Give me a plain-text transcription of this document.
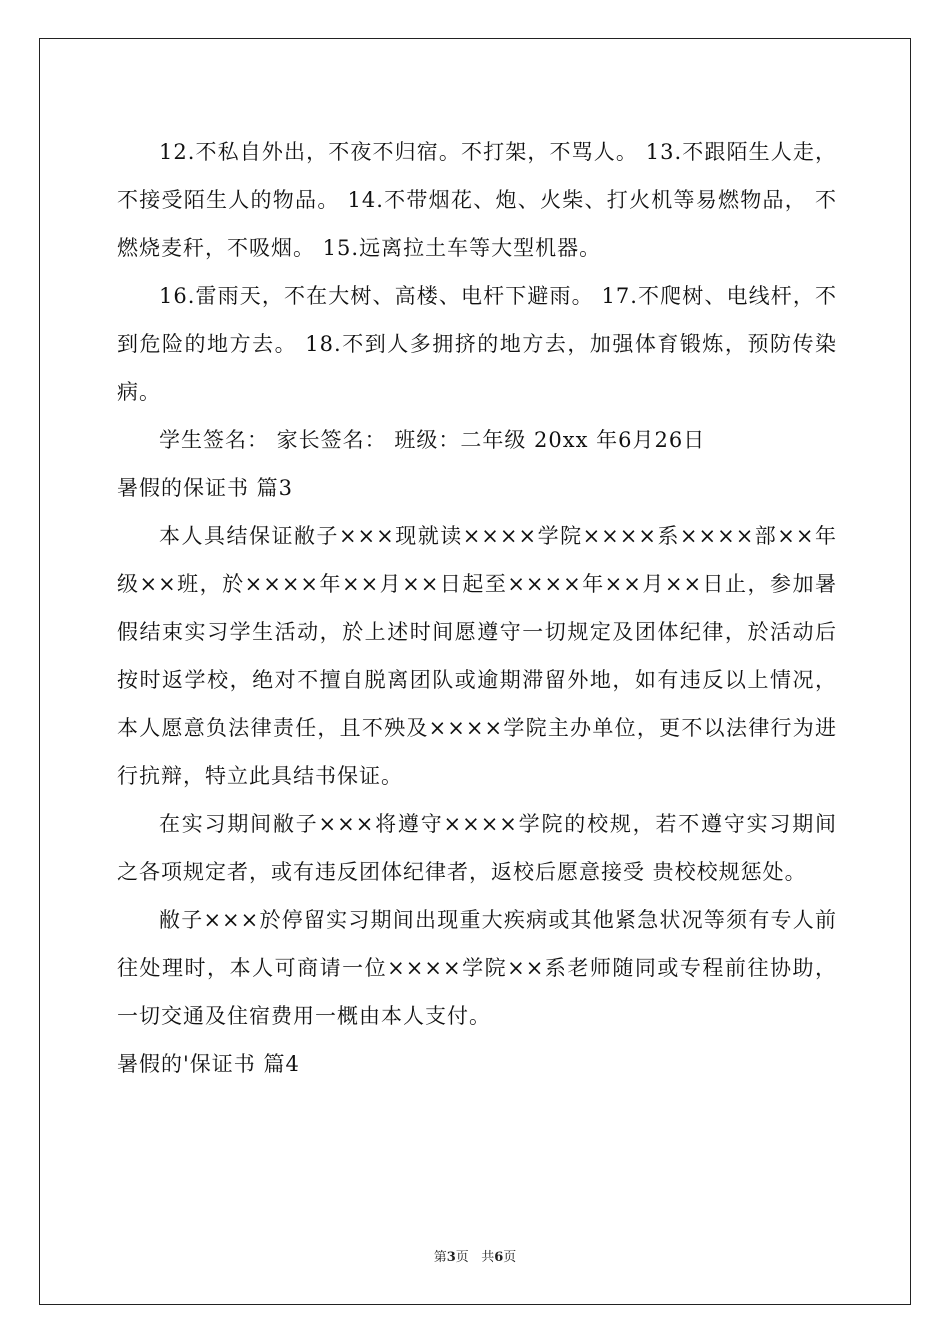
12.不私自外出，不夜不归宿。不打架，不骂人。 13.不跟陌生人走，不接受陌生人的物品。 14.不带烟花、炮、火柴、打火机等易燃物品， 不燃烧麦秆，不吸烟。 15.远离拉土车等大型机器。

16.雷雨天，不在大树、高楼、电杆下避雨。 17.不爬树、电线杆，不到危险的地方去。 18.不到人多拥挤的地方去，加强体育锻炼，预防传染病。

学生签名： 家长签名： 班级：二年级 20xx 年6月26日

暑假的保证书 篇3

本人具结保证敝子×××现就读××××学院××××系××××部××年级××班，於××××年××月××日起至××××年××月××日止，参加暑假结束实习学生活动，於上述时间愿遵守一切规定及团体纪律，於活动后按时返学校，绝对不擅自脱离团队或逾期滞留外地，如有违反以上情况，本人愿意负法律责任，且不殃及××××学院主办单位，更不以法律行为进行抗辩，特立此具结书保证。

在实习期间敝子×××将遵守××××学院的校规，若不遵守实习期间之各项规定者，或有违反团体纪律者，返校后愿意接受 贵校校规惩处。

敝子×××於停留实习期间出现重大疾病或其他紧急状况等须有专人前往处理时，本人可商请一位××××学院××系老师随同或专程前往协助，一切交通及住宿费用一概由本人支付。

暑假的'保证书 篇4

第3页   共6页
